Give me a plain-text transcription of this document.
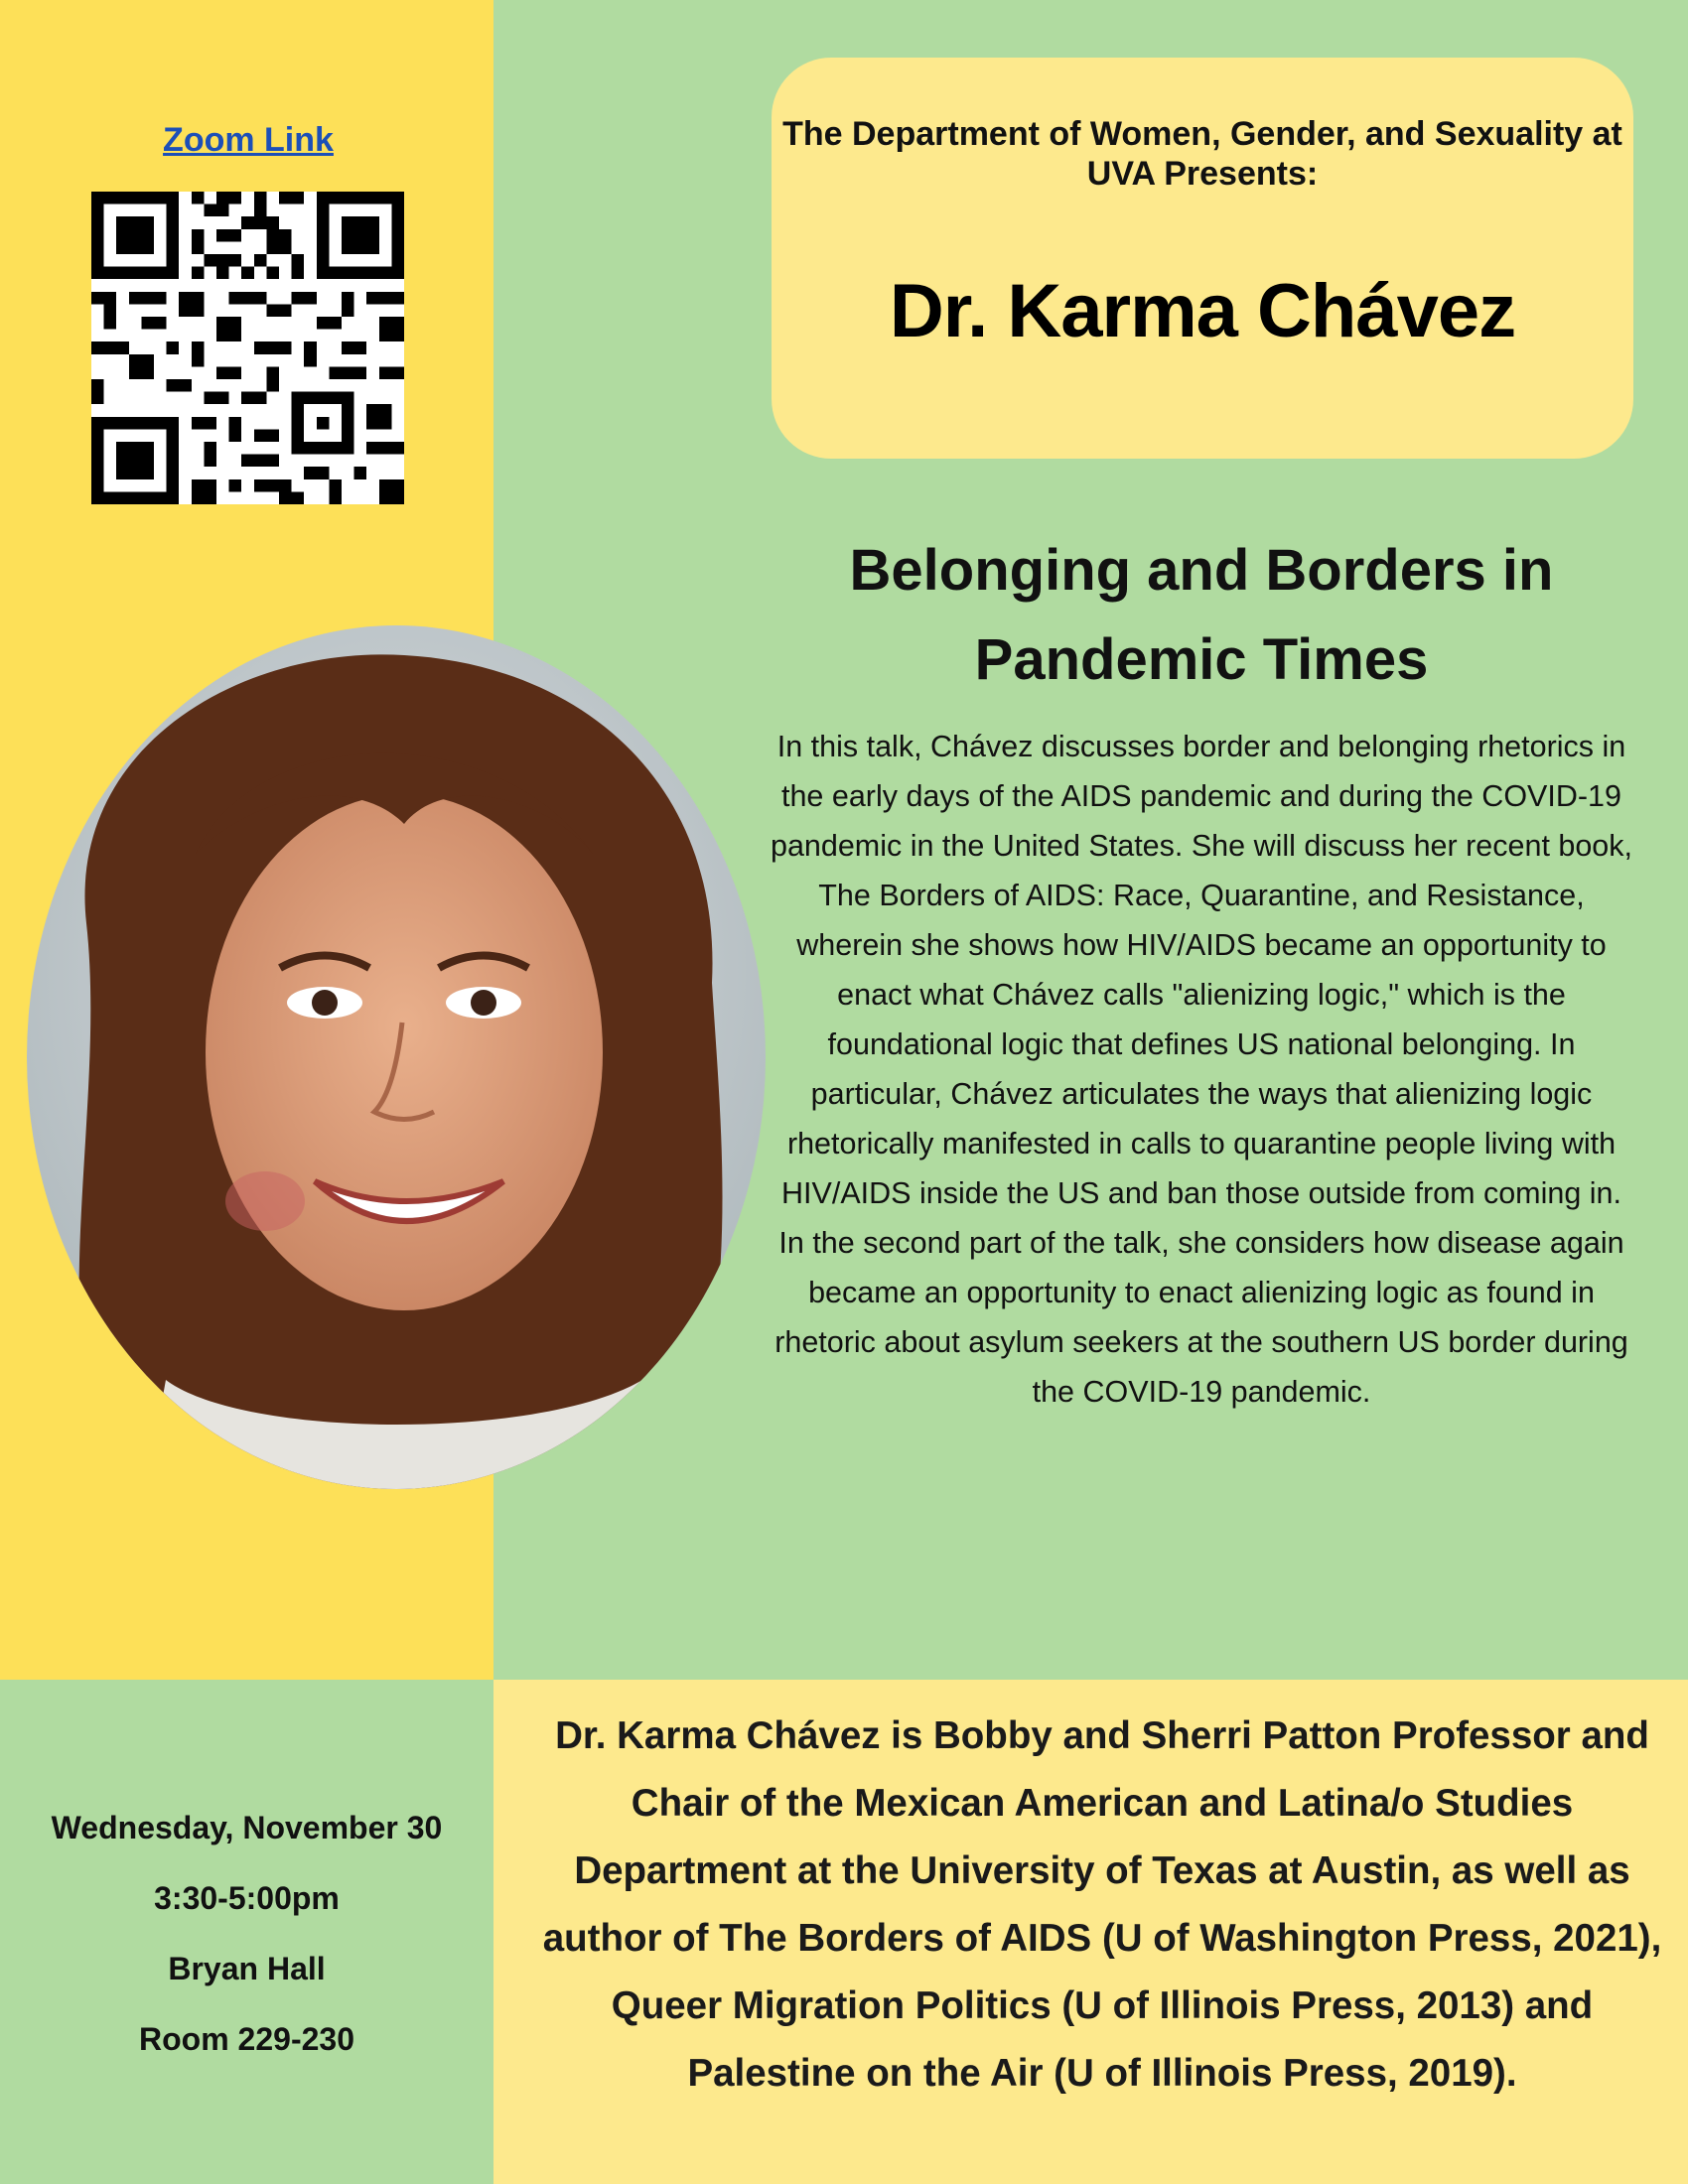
Zoom Link	The Department of Women, Gender, and Sexuality at UVA Presents:
Dr. Karma Chávez
Belonging and Borders in Pandemic Times
In this talk, Chávez discusses border and belonging rhetorics in the early days of the AIDS pandemic and during the COVID-19 pandemic in the United States. She will discuss her recent book, The Borders of AIDS: Race, Quarantine, and Resistance, wherein she shows how HIV/AIDS became an opportunity to enact what Chávez calls "alienizing logic," which is the foundational logic that defines US national belonging. In particular, Chávez articulates the ways that alienizing logic rhetorically manifested in calls to quarantine people living with HIV/AIDS inside the US and ban those outside from coming in. In the second part of the talk, she considers how disease again became an opportunity to enact alienizing logic as found in rhetoric about asylum seekers at the southern US border during the COVID-19 pandemic.
Wednesday, November 30
3:30-5:00pm
Bryan Hall
Room 229-230
Dr. Karma Chávez is Bobby and Sherri Patton Professor and Chair of the Mexican American and Latina/o Studies Department at the University of Texas at Austin, as well as author of The Borders of AIDS (U of Washington Press, 2021), Queer Migration Politics (U of Illinois Press, 2013) and Palestine on the Air (U of Illinois Press, 2019).
